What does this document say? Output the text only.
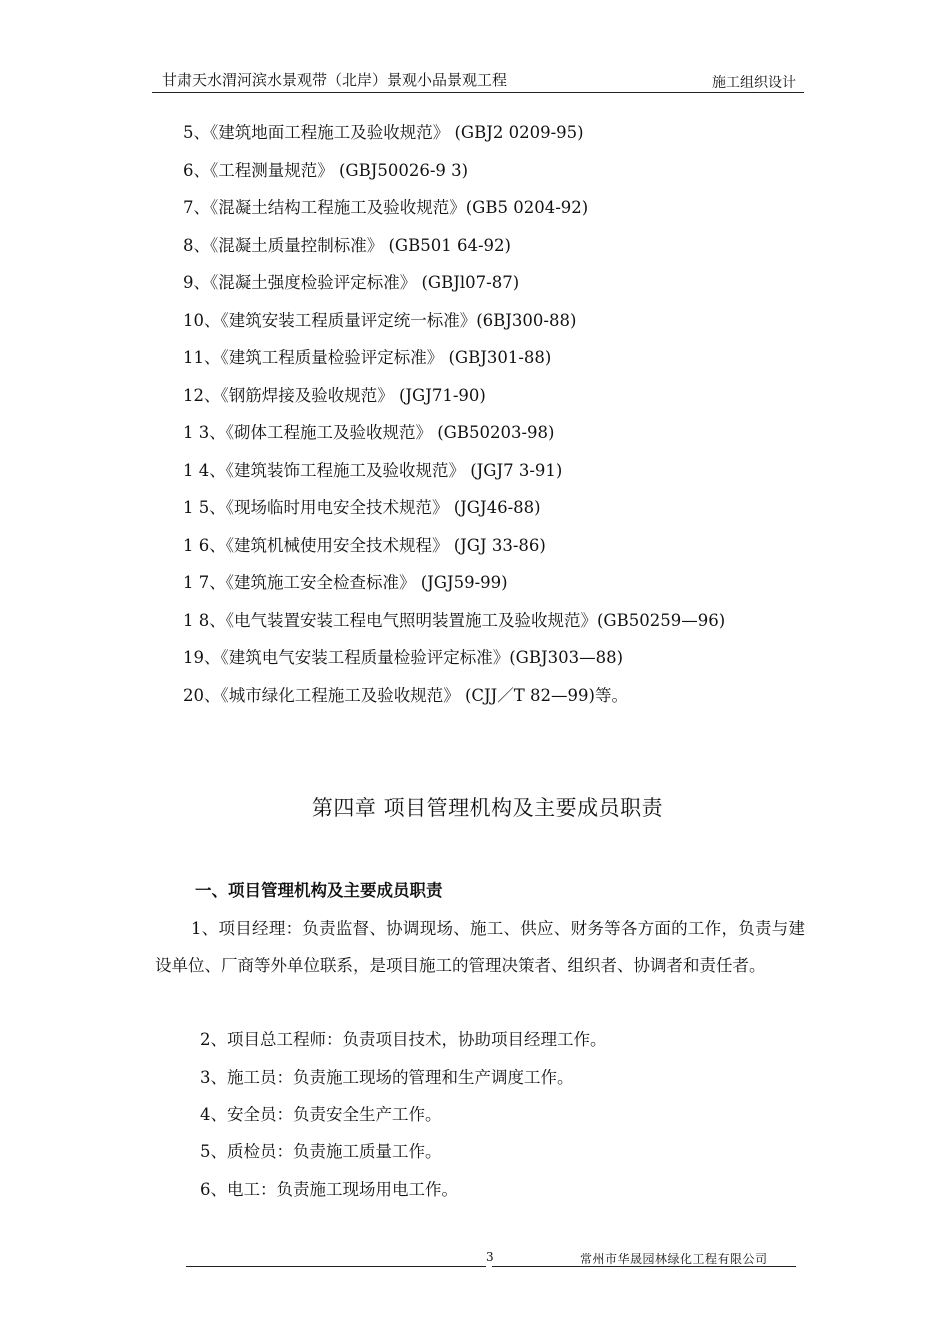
甘肃天水渭河滨水景观带（北岸）景观小品景观工程	施工组织设计
5、《建筑地面工程施工及验收规范》 (GBJ2 0209-95)
6、《工程测量规范》 (GBJ50026-9 3)
7、《混凝土结构工程施工及验收规范》(GB5 0204-92)
8、《混凝土质量控制标准》 (GB501 64-92)
9、《混凝土强度检验评定标准》 (GBJl07-87)
10、《建筑安装工程质量评定统一标准》(6BJ300-88)
11、《建筑工程质量检验评定标准》 (GBJ301-88)
12、《钢筋焊接及验收规范》 (JGJ71-90)
1 3、《砌体工程施工及验收规范》 (GB50203-98)
1 4、《建筑装饰工程施工及验收规范》 (JGJ7 3-91)
1 5、《现场临时用电安全技术规范》 (JGJ46-88)
1 6、《建筑机械使用安全技术规程》 (JGJ 33-86)
1 7、《建筑施工安全检查标准》 (JGJ59-99)
1 8、《电气装置安装工程电气照明装置施工及验收规范》(GB50259—96)
19、《建筑电气安装工程质量检验评定标准》(GBJ303—88)
20、《城市绿化工程施工及验收规范》 (CJJ／T 82—99)等。
第四章 项目管理机构及主要成员职责
一、项目管理机构及主要成员职责

1、项目经理：负责监督、协调现场、施工、供应、财务等各方面的工作，负责与建设单位、厂商等外单位联系，是项目施工的管理决策者、组织者、协调者和责任者。

2、项目总工程师：负责项目技术，协助项目经理工作。
3、施工员：负责施工现场的管理和生产调度工作。
4、安全员：负责安全生产工作。
5、质检员：负责施工质量工作。
6、电工：负责施工现场用电工作。
3	常州市华晟园林绿化工程有限公司
